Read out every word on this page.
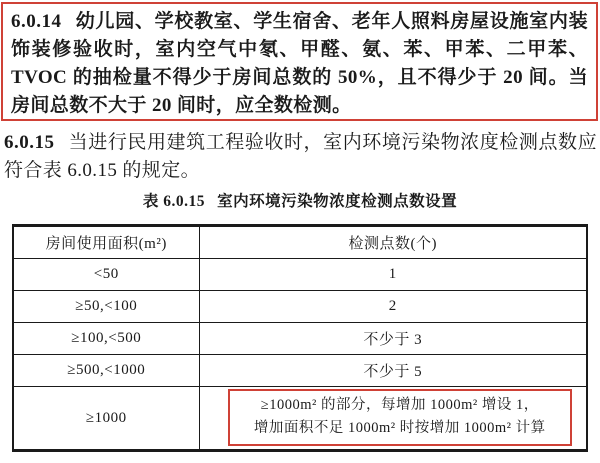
6.0.14 幼儿园、学校教室、学生宿舍、老年人照料房屋设施室内装饰装修验收时，室内空气中氡、甲醛、氨、苯、甲苯、二甲苯、TVOC 的抽检量不得少于房间总数的 50%，且不得少于 20 间。当房间总数不大于 20 间时，应全数检测。

6.0.15 当进行民用建筑工程验收时，室内环境污染物浓度检测点数应符合表 6.0.15 的规定。

表 6.0.15 室内环境污染物浓度检测点数设置
房间使用面积(m²)	检测点数(个)
<50	1
≥50,<100	2
≥100,<500	不少于 3
≥500,<1000	不少于 5
≥1000	≥1000m² 的部分，每增加 1000m² 增设 1，
增加面积不足 1000m² 时按增加 1000m² 计算
